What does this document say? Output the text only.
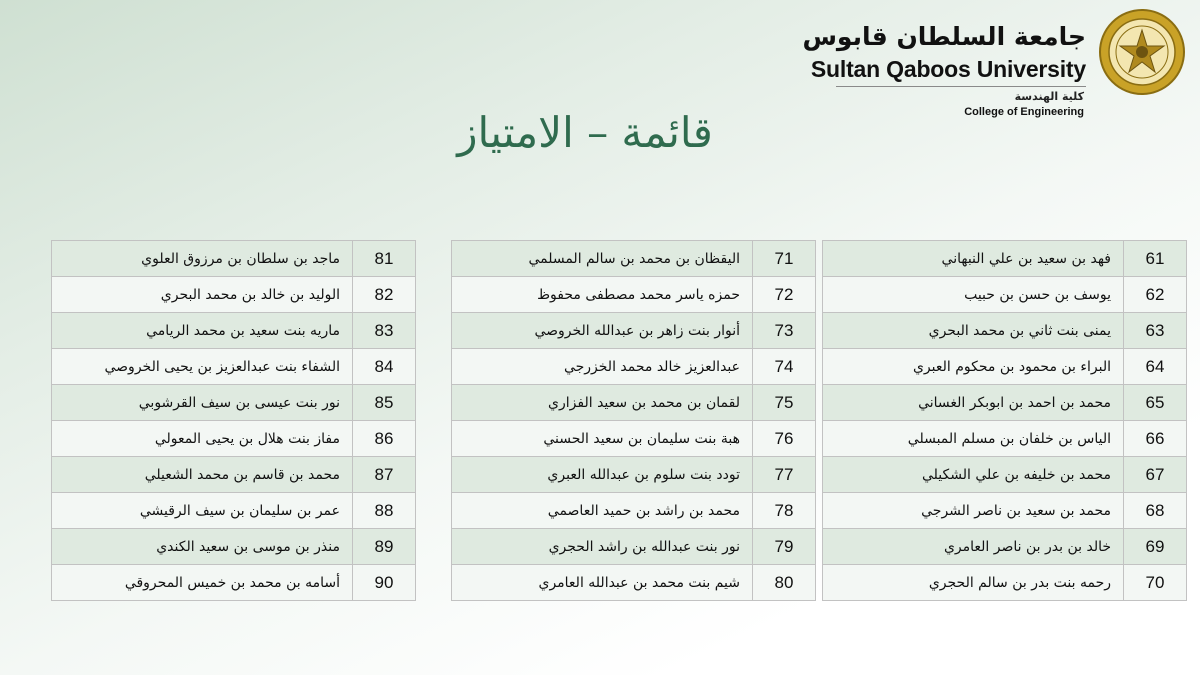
جامعة السلطان قابوس
Sultan Qaboos University
كلية الهندسة
College of Engineering
قائمة – الامتياز
فهد بن سعيد بن علي النبهاني	61
يوسف بن حسن بن حبيب	62
يمنى بنت ثاني بن محمد البحري	63
البراء بن محمود بن محكوم العبري	64
محمد بن احمد بن ابوبكر الغساني	65
الياس بن خلفان بن مسلم المبسلي	66
محمد بن خليفه بن علي الشكيلي	67
محمد بن سعيد بن ناصر الشرجي	68
خالد بن بدر بن ناصر العامري	69
رحمه بنت بدر بن سالم الحجري	70
اليقظان بن محمد بن سالم المسلمي	71
حمزه ياسر محمد مصطفى محفوظ	72
أنوار بنت زاهر بن عبدالله الخروصي	73
عبدالعزيز خالد محمد الخزرجي	74
لقمان بن محمد بن سعيد الفزاري	75
هبة بنت سليمان بن سعيد الحسني	76
تودد بنت سلوم بن عبدالله العبري	77
محمد بن راشد بن حميد العاصمي	78
نور بنت عبدالله بن راشد الحجري	79
شيم بنت محمد بن عبدالله العامري	80
ماجد بن سلطان بن مرزوق العلوي	81
الوليد بن خالد بن محمد البحري	82
ماريه بنت سعيد بن محمد الريامي	83
الشفاء بنت عبدالعزيز بن يحيى الخروصي	84
نور بنت عيسى بن سيف القرشوبي	85
مفاز بنت هلال بن يحيى المعولي	86
محمد بن قاسم بن محمد الشعيلي	87
عمر بن سليمان بن سيف الرقيشي	88
منذر بن موسى بن سعيد الكندي	89
أسامه بن محمد بن خميس المحروقي	90
